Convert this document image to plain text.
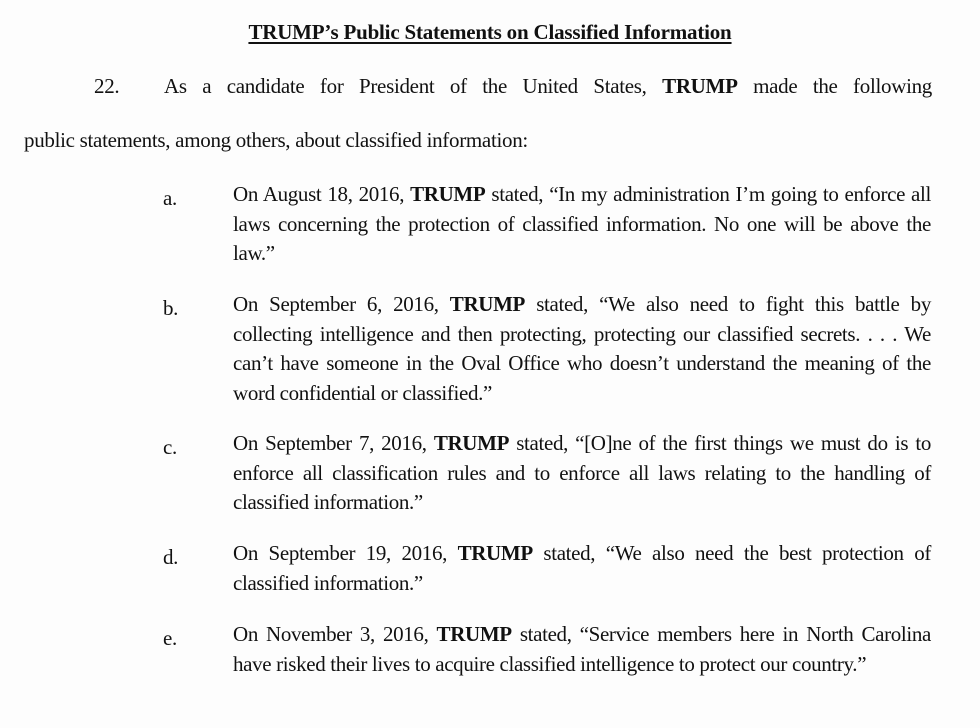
TRUMP’s Public Statements on Classified Information
22. As a candidate for President of the United States, TRUMP made the following
public statements, among others, about classified information:
a.	On August 18, 2016, TRUMP stated, “In my administration I’m going to enforce all laws concerning the protection of classified information. No one will be above the law.”
b.	On September 6, 2016, TRUMP stated, “We also need to fight this battle by collecting intelligence and then protecting, protecting our classified secrets. . . . We can’t have someone in the Oval Office who doesn’t understand the meaning of the word confidential or classified.”
c.	On September 7, 2016, TRUMP stated, “[O]ne of the first things we must do is to enforce all classification rules and to enforce all laws relating to the handling of classified information.”
d.	On September 19, 2016, TRUMP stated, “We also need the best protection of classified information.”
e.	On November 3, 2016, TRUMP stated, “Service members here in North Carolina have risked their lives to acquire classified intelligence to protect our country.”
